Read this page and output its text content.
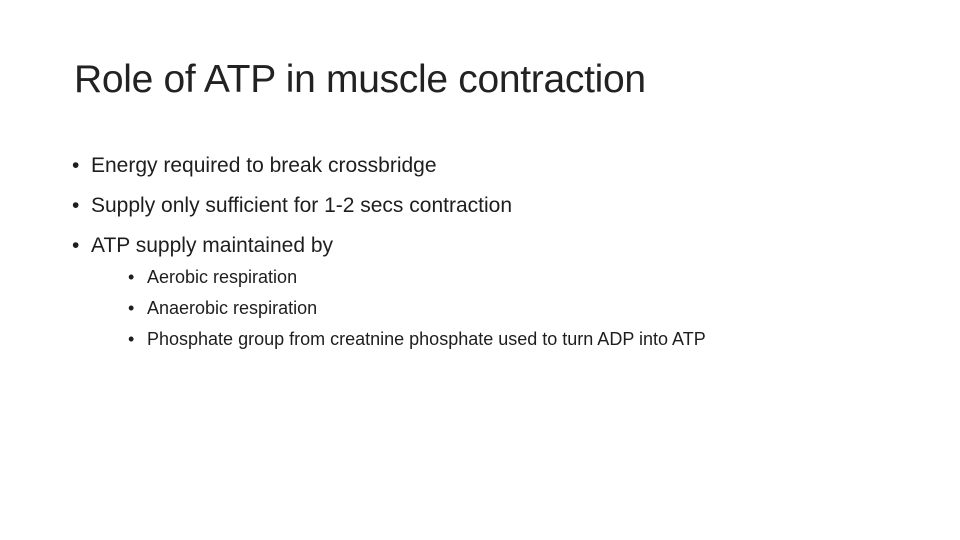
Role of ATP in muscle contraction
• Energy required to break crossbridge
• Supply only sufficient for 1-2 secs contraction
• ATP supply maintained by
• Aerobic respiration
• Anaerobic respiration
• Phosphate group from creatnine phosphate used to turn ADP into ATP
